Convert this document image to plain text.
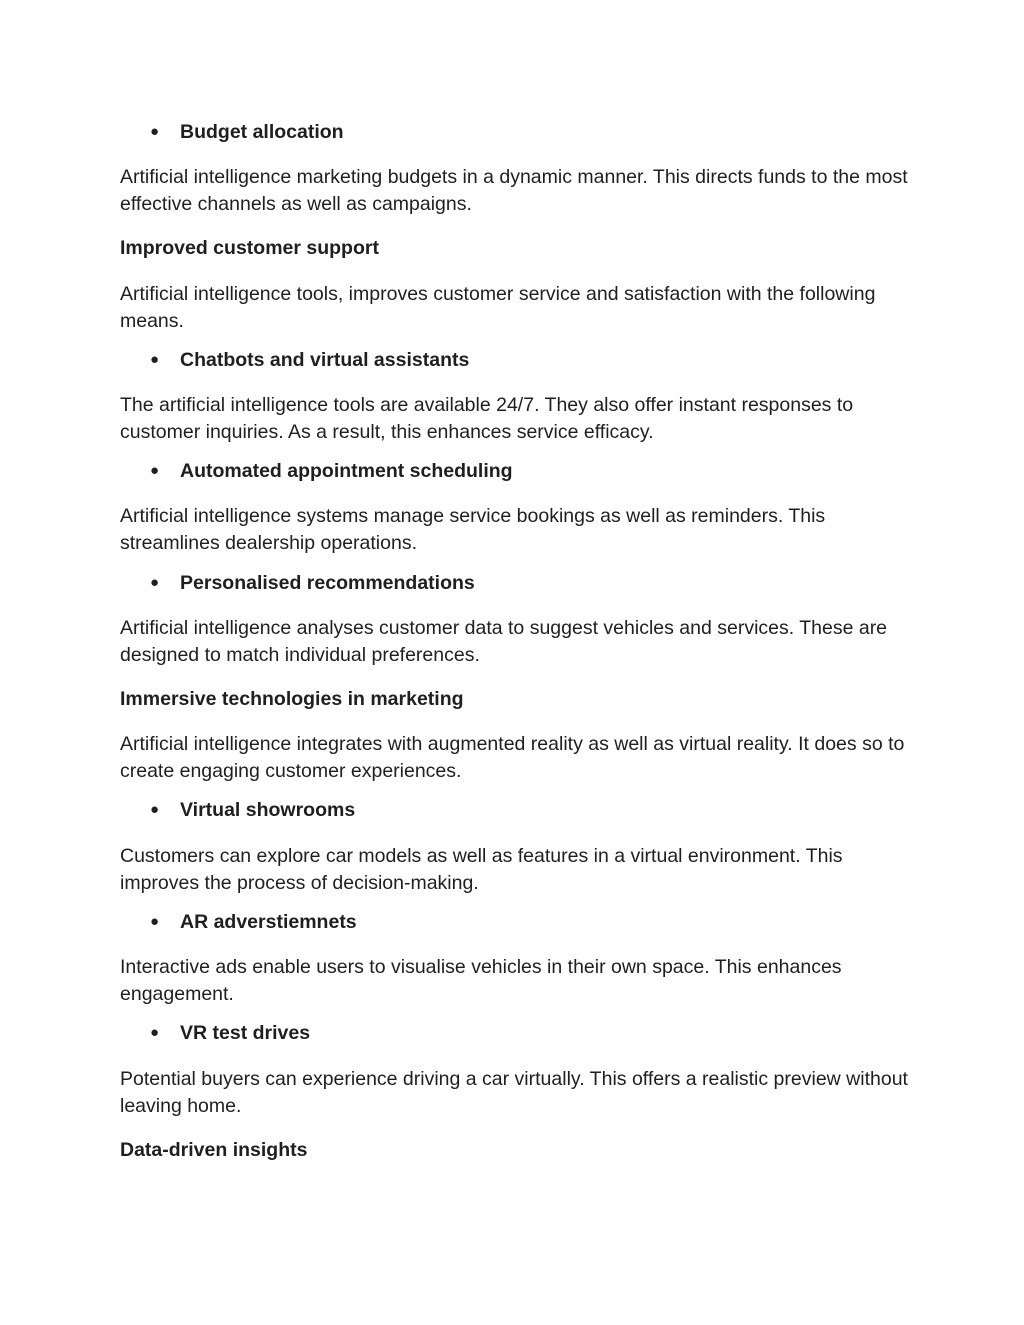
● Budget allocation

Artificial intelligence marketing budgets in a dynamic manner. This directs funds to the most effective channels as well as campaigns.

Improved customer support

Artificial intelligence tools, improves customer service and satisfaction with the following means.

● Chatbots and virtual assistants

The artificial intelligence tools are available 24/7. They also offer instant responses to customer inquiries. As a result, this enhances service efficacy.

● Automated appointment scheduling

Artificial intelligence systems manage service bookings as well as reminders. This streamlines dealership operations.

● Personalised recommendations

Artificial intelligence analyses customer data to suggest vehicles and services. These are designed to match individual preferences.

Immersive technologies in marketing

Artificial intelligence integrates with augmented reality as well as virtual reality. It does so to create engaging customer experiences.

● Virtual showrooms

Customers can explore car models as well as features in a virtual environment. This improves the process of decision-making.

● AR adverstiemnets

Interactive ads enable users to visualise vehicles in their own space. This enhances engagement.

● VR test drives

Potential buyers can experience driving a car virtually. This offers a realistic preview without leaving home.

Data-driven insights
